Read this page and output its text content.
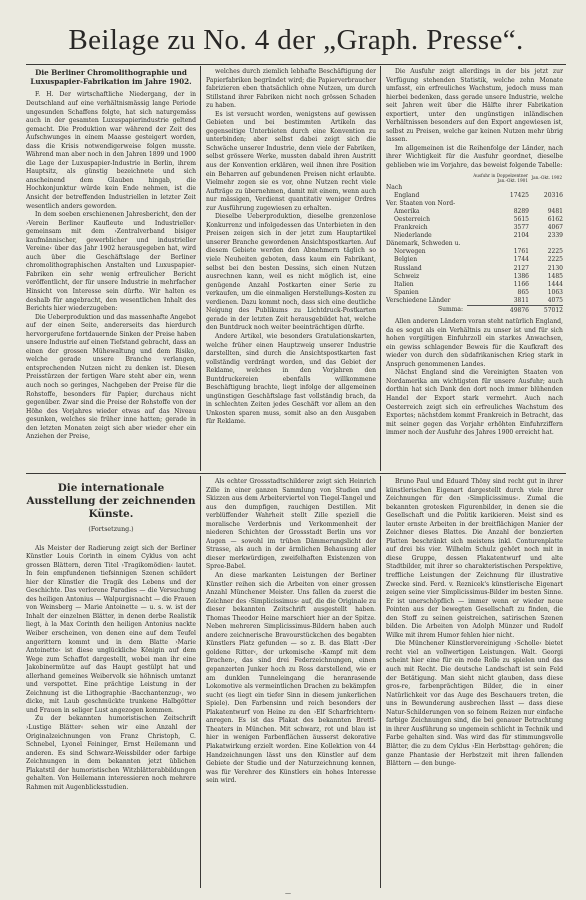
Beilage zu No. 4 der „Graph. Presse“.
Die Berliner Chromolithographie und Luxuspapier-Fabrikation im Jahre 1902.

F. H. Der wirtschaftliche Niedergang, der in Deutschland auf eine verhältnismässig lange Periode ungesunden Schaffens folgte, hat sich naturgemäss auch in der gesamten Luxuspapierindustrie geltend gemacht. Die Produktion war während der Zeit des Aufschwunges in einem Maasse gesteigert worden, dass die Krisis notwendigerweise folgen musste. Während man aber noch in den Jahren 1899 und 1900 die Lage der Luxuspapier-Industrie in Berlin, ihrem Hauptsitz, als günstig bezeichnete und sich anscheinend dem Glauben hingab, die Hochkonjunktur würde kein Ende nehmen, ist die Ansicht der betreffenden Industriellen in letzter Zeit wesentlich anders geworden.

In dem soeben erschienenen Jahresbericht, den der ›Verein Berliner Kaufleute und Industrieller‹ gemeinsam mit dem ›Zentralverband bisiger kaufmännischer, gewerblicher und industrieller Vereine‹ über das Jahr 1902 herausgegeben hat, wird auch über die Geschäftslage der Berliner chromolithographischen Anstalten und Luxuspapier-Fabriken ein sehr wenig erfreulicher Bericht veröffentlicht, der für unsere Industrie in mehrfacher Hinsicht von Interesse sein dürfte. Wir halten es deshalb für angebracht, den wesentlichen Inhalt des Berichts hier wiederzugeben:

Die Ueberproduktion und das massenhafte Angebot auf der einen Seite, andererseits das hierdurch hervorgerufene fortdauernde Sinken der Preise haben unsere Industrie auf einen Tiefstand gebracht, dass an einen der grossen Mühewaltung und dem Risiko, welche gerade unsere Branche verlangen, entsprechenden Nutzen nicht zu denken ist. Diesen Preisstürzen der fertigen Ware steht aber ein, wenn auch noch so geringes, Nachgeben der Preise für die Rohstoffe, besonders für Papier, durchaus nicht gegenüber. Zwar sind die Preise der Rohstoffe von der Höhe des Vorjahres wieder etwas auf das Niveau gesunken, welches sie früher inne hatten; gerade in den letzten Monaten zeigt sich aber wieder eher ein Anziehen der Preise,

welches durch ziemlich lebhafte Beschäftigung der Papierfabriken begründet wird; die Papierverbraucher fabrizieren eben thatsächlich ohne Nutzen, um durch Stillstand ihrer Fabriken nicht noch grössen Schaden zu haben.

Es ist versucht worden, wenigstens auf gewissen Gebieten und bei bestimmten Artikeln das gegenseitige Unterbieten durch eine Konvention zu unterbinden; aber selbst dabei zeigt sich die Schwäche unserer Industrie, denn viele der Fabriken, selbst grössere Werke, mussten dabald ihren Austritt aus der Konvention erklären, weil ihnen ihre Position ein Beharren auf gebundenen Preisen nicht erlaubte. Vielmehr zogen sie es vor, ohne Nutzen recht viele Aufträge zu übernehmen, damit mit einem, wenn auch nur mässigen, Verdienst quantitativ weniger Ordres zur Ausführung zugewiesen zu erhalten.

Dieselbe Ueberproduktion, dieselbe grenzenlose Konkurrenz und infolgedessen das Unterbieten in den Preisen zeigen sich in der jetzt zum Hauptartikel unserer Branche gewordenen Ansichtspostkarten. Auf diesem Gebiete werden den Abnehmern täglich so viele Neuheiten geboten, dass kaum ein Fabrikant, selbst bei den besten Dessins, sich einen Nutzen ausrechnen kann, weil es nicht möglich ist, eine genügende Anzahl Postkarten einer Serie zu verkaufen, um die einmaligen Herstellungs-Kosten zu verdienen. Dazu kommt noch, dass sich eine deutliche Neigung des Publikums zu Lichtdruck-Postkarten gerade in der letzten Zeit herausgebildet hat, welche den Buntdruck noch weiter beeinträchtigen dürfte.

Andere Artikel, wie besonders Gratulationskarten, welche früher einen Hauptzweig unserer Industrie darstellten, sind durch die Ansichtspostkarten fast vollständig verdrängt worden, und das Gebiet der Reklame, welches in den Vorjahren den Buntdruckereien ebenfalls willkommene Beschäftigung brachte, liegt infolge der allgemeinen ungünstigen Geschäftslage fast vollständig brach, da in schlechten Zeiten jedes Geschäft vor allem an den Unkosten sparen muss, somit also an den Ausgaben für Reklame.

Die Ausfuhr zeigt allerdings in der bis jetzt zur Verfügung stehenden Statistik, welche zehn Monate umfasst, ein erfreuliches Wachstum, jedoch muss man hierbei bedenken, dass gerade unsere Industrie, welche seit Jahren weit über die Hälfte ihrer Fabrikation exportiert, unter den ungünstigen inländischen Verhältnissen besonders auf den Export angewiesen ist, selbst zu Preisen, welche gar keinen Nutzen mehr übrig lassen.

Im allgemeinen ist die Reihenfolge der Länder, nach ihrer Wichtigkeit für die Ausfuhr geordnet, dieselbe geblieben wie im Vorjahre, das beweist folgende Tabelle:

	Ausfuhr in Doppelzentner Jan.-Okt. 1901	Jan.-Okt. 1902
Nach		
England	17425	20316
Ver. Staaten von Nord-		
Amerika	8289	9481
Oesterreich	5615	6162
Frankreich	3577	4067
Niederlande	2104	2339
Dänemark, Schweden u.		
Norwegen	1761	2225
Belgien	1744	2225
Russland	2127	2130
Schweiz	1386	1485
Italien	1166	1444
Spanien	865	1063
Verschiedene Länder	3811	4075
Summa:	49876	57012

Allen anderen Ländern voran steht natürlich England, da es sogut als ein Verhältnis zu unser ist und für sich hohen vorgiltigen Einfuhrzoll ein starkes Anwachsen, ein gewiss schlagender Beweis für die Kaufkraft des wieder von durch den südafrikanischen Krieg stark in Anspruch genommenen Landes.

Nächst England sind die Vereinigten Staaten von Nordamerika am wichtigsten für unsere Ausfuhr; auch dorthin hat sich Dank den dort noch immer blühenden Handel der Export stark vermehrt. Auch nach Oesterreich zeigt sich ein erfreuliches Wachstum des Exportes; nächstdem kommt Frankreich in Betracht, das mit seiner gegen das Vorjahr erhöhten Einfuhrziffern immer noch der Ausfuhr des Jahres 1900 erreicht hat.

Die internationale Ausstellung der zeichnenden Künste.
(Fortsetzung.)

Als Meister der Radierung zeigt sich der Berliner Künstler Louis Corinth in einem Cyklus von acht grossen Blättern, deren Titel ›Tragikomödien‹ lautet. In fein empfundenen tiefsinnigen Szenen schildert hier der Künstler die Tragik des Lebens und der Geschichte. Das verlorene Paradies — die Versuchung des heiligen Antonius — Walpurgisnacht — die Frauen von Weinsberg — Marie Antoinette — u. s. w. ist der Inhalt der einzelnen Blätter, in denen derbe Realistik liegt, à la Max Corinth den heiligen Antonius nackte Weiber erscheinen, von denen eine auf dem Teufel angerittern kommt und in dem Blatte ›Marie Antoinette‹ ist diese unglückliche Königin auf dem Wege zum Schaffot dargestellt, wobei man ihr eine Jakobinermütze auf das Haupt gestülpt hat und allerhand gemeines Weibervolk sie höhnisch umtanzt und verspottet. Eine prächtige Leistung in der Zeichnung ist die Lithographie ›Bacchantenzug‹, wo dicke, mit Laub geschmückte trunkene Halbgötter und Frauen in seliger Lust angezogen kommen.

Zu der bekannten humoristischen Zeitschrift ›Lustige Blätter‹ sehen wir eine Anzahl der Originalzeichnungen von Franz Christoph, C. Schnebel, Lyonel Feininger, Ernst Heilemann und anderen. Es sind Schwarz-Weissbilder oder farbige Zeichnungen in dem bekannten jetzt üblichen Plakatstil der humoristischen Witzblätterabbildungen gehalten. Von Heilemann interessieren noch mehrere Rahmen mit Augenblicksstudien.

Als echter Grossstadtschilderer zeigt sich Heinrich Zille in einer ganzen Sammlung von Studien und Skizzen aus dem Arbeiterviertel von Tiegel-Tangel und aus den dumpfigen, rauchigen Destillen. Mit verblüffender Wahrheit stellt Zille speziell die moralische Verderbnis und Verkommenheit der niederen Schichten der Grossstadt Berlin uns vor Augen — sowohl im trüben Dämmerungslicht der Strasse, als auch in der ärmlichen Behausung aller dieser merkwürdigen, zweifelhaften Existenzen von Spree-Babel.

An diese markanten Leistungen der Berliner Künstler reihen sich die Arbeiten von einer grossen Anzahl Münchener Meister. Uns fallen da zuerst die Zeichner des ›Simplicissimus‹ auf, die die Originale zu dieser bekannten Zeitschrift ausgestellt haben. Thomas Theodor Heine marschiert hier an der Spitze. Neben mehreren Simplicissimus-Bildern haben auch andere zeichnerische Bravourstückchen des begabten Künstlers Platz gefunden — so z. B. das Blatt ›Der goldene Ritter‹, der urkomische ›Kampf mit dem Drachen‹, das sind drei Federzeichnungen, einen gepanzerten Junker hoch zu Ross darstellend, wie er am dunklen Tunneleingang die heranrasende Lokomotive als vermeintlichen Drachen zu bekämpfen sucht (es liegt ein tiefer Sinn in diesem junkerlichen Spiele). Den Farbensinn und reich besonders der Plakatentwurf von Heine zu den ›Elf Scharfrichtern‹ anregen. Es ist das Plakat des bekannten Brettl-Theaters in München. Mit schwarz, rot und blau ist hier in wenigen Farbenflächen äusserst dekorative Plakatwirkung erzielt worden. Eine Kollektion von 44 Handzeichnungen lässt uns den Künstler auf dem Gebiete der Studie und der Naturzeichnung kennen, was für Verehrer des Künstlers ein hohes Interesse sein wird.

Bruno Paul und Eduard Thöny sind recht gut in ihrer künstlerischen Eigenart dargestellt durch viele ihrer Zeichnungen für den ›Simplicissimus‹. Zumal die bekannten grotesken Figurenbilder, in denen sie die Gesellschaft und die Politik karikieren. Meist sind es lauter ernste Arbeiten in der breitflächigen Manier der Zeichner dieses Blattes. Die Anzahl der bonzierten Platten beschränkt sich meistens inkl. Conturenplatte auf drei bis vier. Wilhelm Schulz gehört noch mit in diese Gruppe, dessen Plakatentwurf und alte Stadtbilder, mit ihrer so charakteristischen Perspektive, treffliche Leistungen der Zeichnung für illustrative Zwecke sind. Ferd. v. Reznicek's künstlerische Eigenart zeigen seine vier Simplicissimus-Bilder im besten Sinne. Er ist unerschöpflich — immer wenn er wieder neue Pointen aus der bewegten Gesellschaft zu finden, die den Stoff zu seinen geistreichen, satirischen Szenen bilden. Die Arbeiten von Adolph Münzer und Rudolf Wilke mit ihrem Humor fehlen hier nicht.

Die Münchener Künstlervereinigung ›Scholle‹ bietet recht viel an vollwertigen Leistungen. Walt. Georgi scheint hier eine für ein rode Rolle zu spielen und das auch mit Recht. Die deutsche Landschaft ist sein Feld der Betätigung. Man sieht nicht glauben, dass diese gros-re, farbenprächtigen Bilder, die in einer Natürlichkeit vor das Auge des Beschauers treten, die uns in Bewunderung ausbrechen lässt — dass diese Natur-Schilderungen von so feinem Reizen nur einfache farbige Zeichnungen sind, die bei genauer Betrachtung in ihrer Ausführung so ungemein schlicht in Technik und Farbe gehalten sind. Was wird das für stimmungsvolle Blätter, die zu dem Cyklus ›Ein Herbsttag‹ gehören; die ganze Phantasie der Herbstzeit mit ihren fallenden Blättern — den bunge-

—
